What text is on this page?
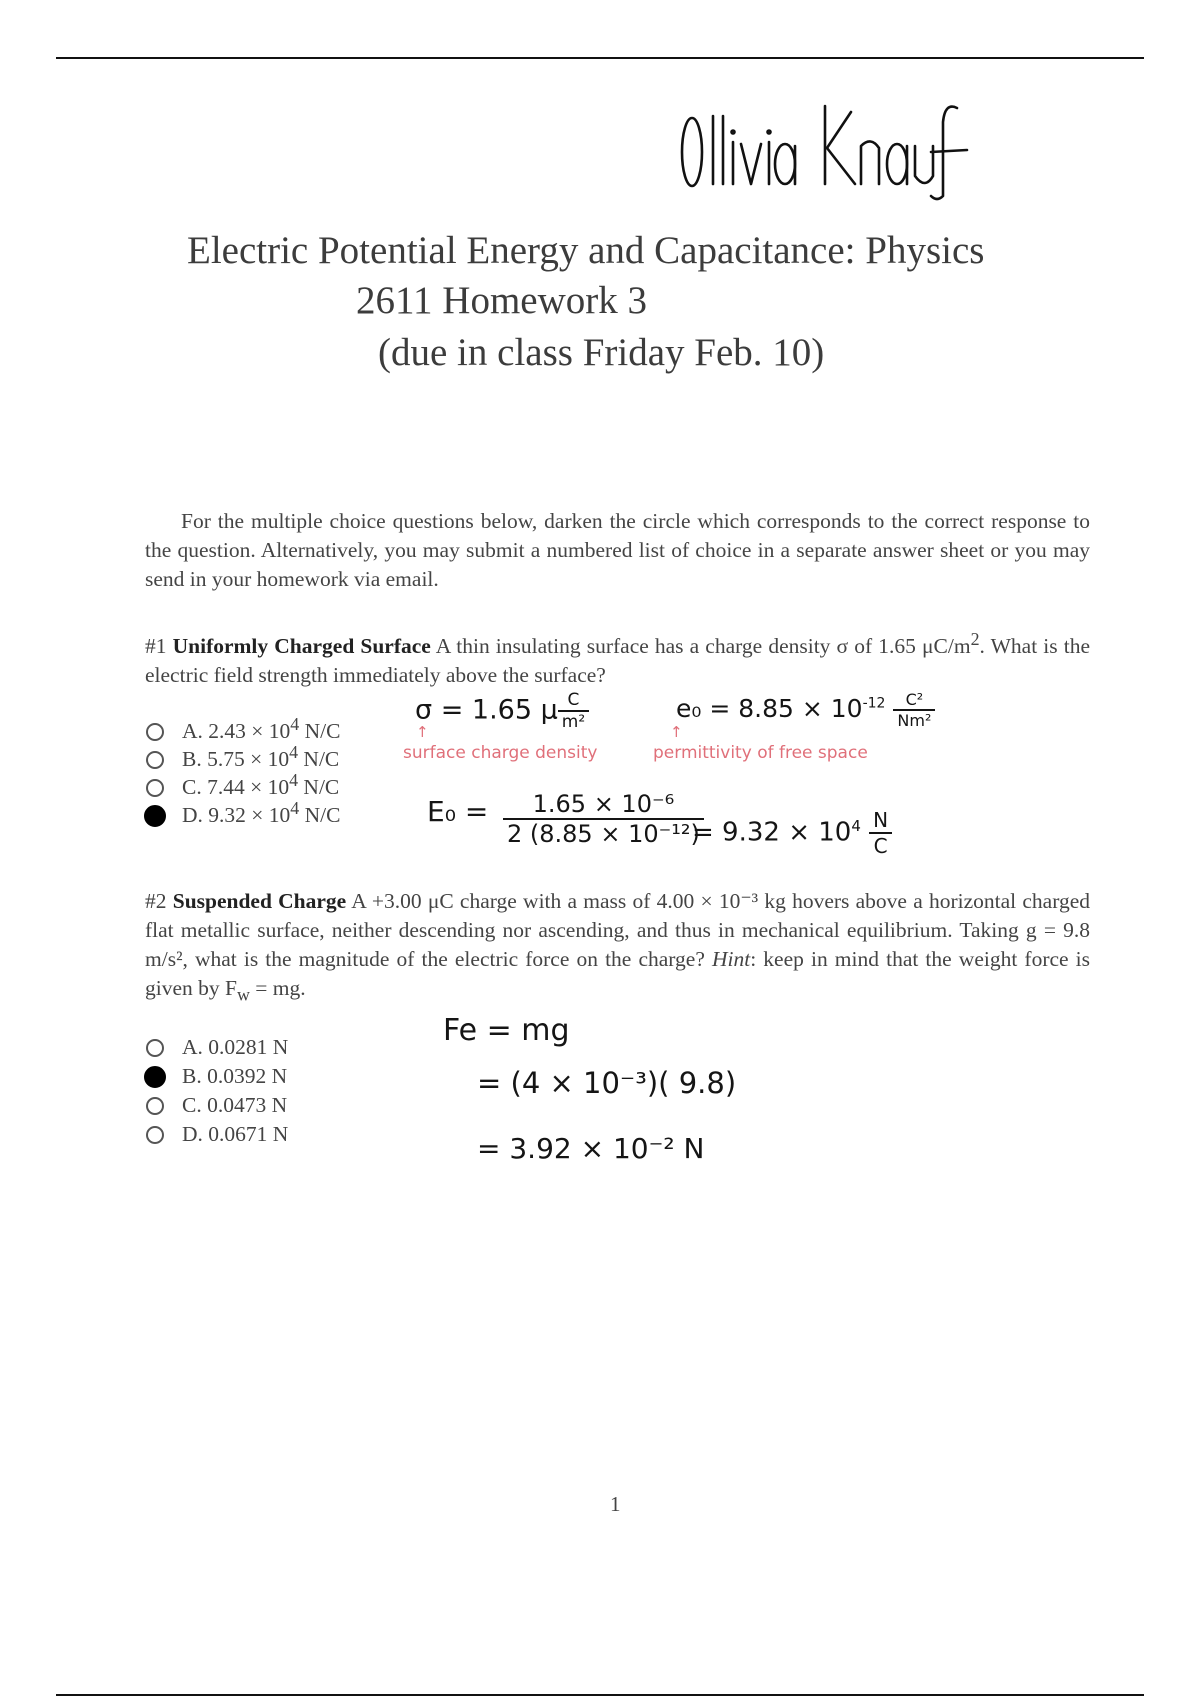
Electric Potential Energy and Capacitance: Physics
2611 Homework 3
(due in class Friday Feb. 10)
For the multiple choice questions below, darken the circle which corresponds to the correct response to the question. Alternatively, you may submit a numbered list of choice in a separate answer sheet or you may send in your homework via email.
#1 Uniformly Charged Surface A thin insulating surface has a charge density σ of 1.65 $\mu C/m^2$. What is the electric field strength immediately above the surface?
A. $2.43 \times 10^4$ N/C
B. $5.75 \times 10^4$ N/C
C. $7.44 \times 10^4$ N/C
D. $9.32 \times 10^4$ N/C
σ = 1.65 μ $\frac{C}{\text{m²}}$
↑
surface charge density
$e_0 = 8.85 \times 10^{-12} \frac{\text{C²}}{\text{Nm²}}$
↑
permittivity of free space
$E_0 = \frac{\text{1.65 × 10⁻⁶}}{\text{2 (8.85 × 10⁻¹²)}}$
= $9.32 \times 10^4 \frac{N}{C}$
#2 Suspended Charge A +3.00 μC charge with a mass of 4.00 × 10⁻³ kg hovers above a horizontal charged flat metallic surface, neither descending nor ascending, and thus in mechanical equilibrium. Taking g = 9.8 m/s², what is the magnitude of the electric force on the charge? Hint: keep in mind that the weight force is given by $F_w$ = mg.
A. 0.0281 N
B. 0.0392 N
C. 0.0473 N
D. 0.0671 N
Fe = mg
= (4 × 10⁻³)( 9.8)
= 3.92 × 10⁻² N
1
